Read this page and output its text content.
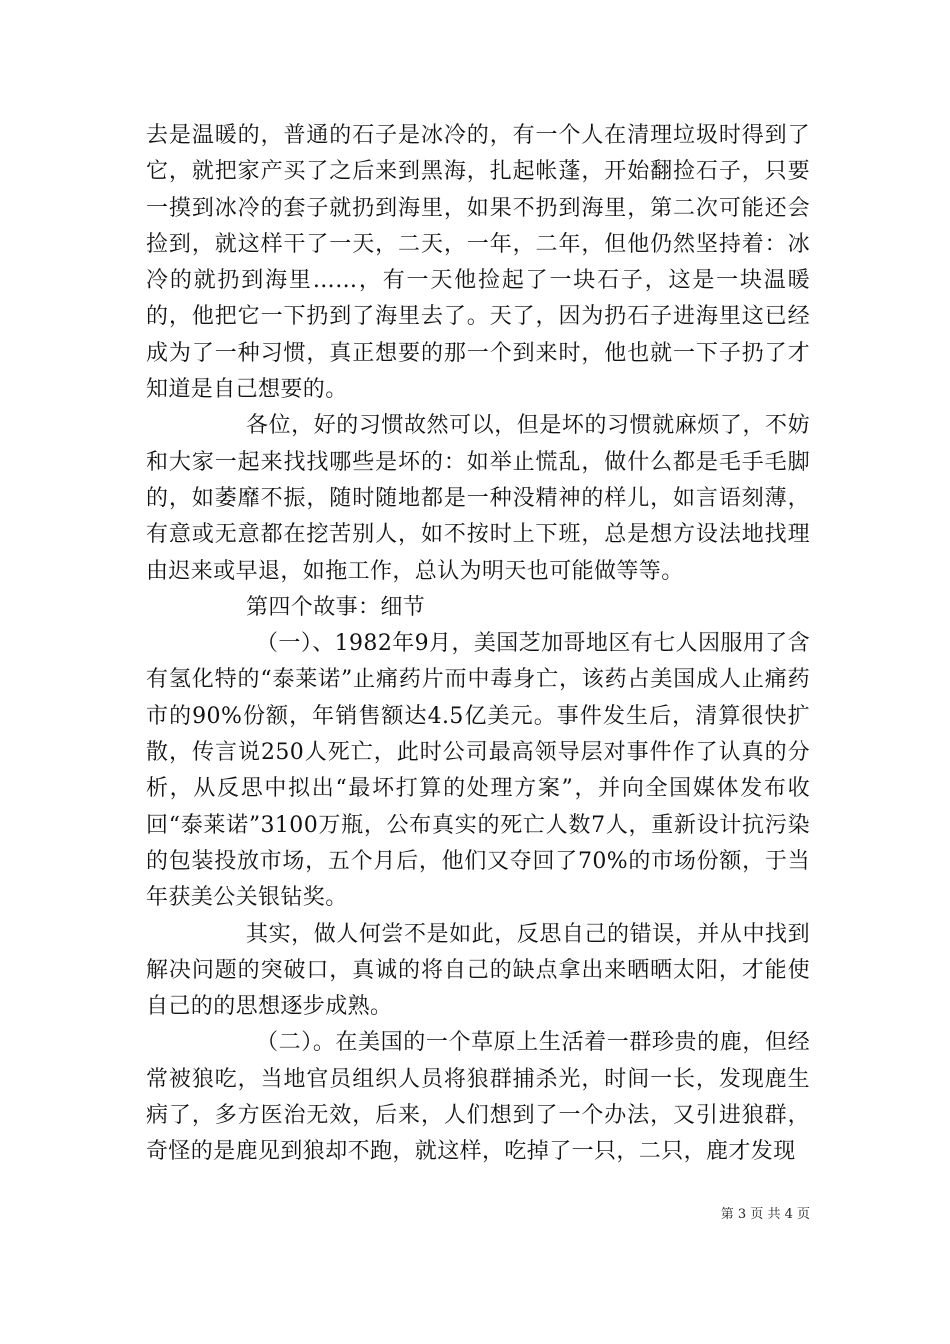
去是温暖的，普通的石子是冰冷的，有一个人在清理垃圾时得到了它，就把家产买了之后来到黑海，扎起帐蓬，开始翻捡石子，只要一摸到冰冷的套子就扔到海里，如果不扔到海里，第二次可能还会捡到，就这样干了一天，二天，一年，二年，但他仍然坚持着：冰冷的就扔到海里……，有一天他捡起了一块石子，这是一块温暖的，他把它一下扔到了海里去了。天了，因为扔石子进海里这已经成为了一种习惯，真正想要的那一个到来时，他也就一下子扔了才知道是自己想要的。

各位，好的习惯故然可以，但是坏的习惯就麻烦了，不妨和大家一起来找找哪些是坏的：如举止慌乱，做什么都是毛手毛脚的，如萎靡不振，随时随地都是一种没精神的样儿，如言语刻薄，有意或无意都在挖苦别人，如不按时上下班，总是想方设法地找理由迟来或早退，如拖工作，总认为明天也可能做等等。

第四个故事：细节

（一）、1982年9月，美国芝加哥地区有七人因服用了含有氢化特的“泰莱诺”止痛药片而中毒身亡，该药占美国成人止痛药市的90%份额，年销售额达4.5亿美元。事件发生后，清算很快扩散，传言说250人死亡，此时公司最高领导层对事件作了认真的分析，从反思中拟出“最坏打算的处理方案”，并向全国媒体发布收回“泰莱诺”3100万瓶，公布真实的死亡人数7人，重新设计抗污染的包装投放市场，五个月后，他们又夺回了70%的市场份额，于当年获美公关银钻奖。

其实，做人何尝不是如此，反思自己的错误，并从中找到解决问题的突破口，真诚的将自己的缺点拿出来晒晒太阳，才能使自己的的思想逐步成熟。

（二）。在美国的一个草原上生活着一群珍贵的鹿，但经常被狼吃，当地官员组织人员将狼群捕杀光，时间一长，发现鹿生病了，多方医治无效，后来，人们想到了一个办法，又引进狼群，奇怪的是鹿见到狼却不跑，就这样，吃掉了一只，二只，鹿才发现

第 3 页 共 4 页
